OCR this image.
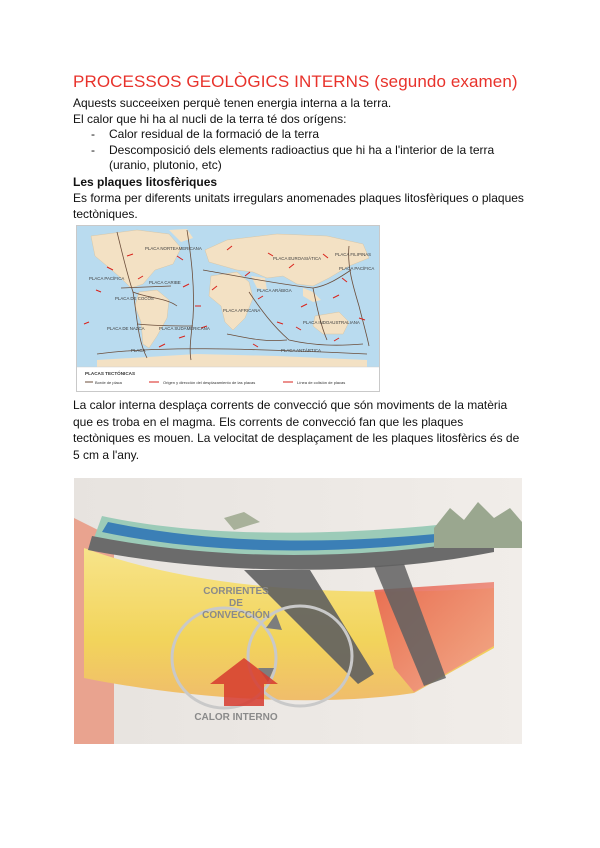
PROCESSOS GEOLÒGICS INTERNS (segundo examen)
Aquests succeeixen perquè tenen energia interna a la terra.
El calor que hi ha al nucli de la terra té dos orígens:
- Calor residual de la formació de la terra
- Descomposició dels elements radioactius que hi ha a l'interior de la terra
(uranio, plutonio, etc)
Les plaques litosfèriques
Es forma per diferents unitats irregulars anomenades plaques litosfèriques o plaques
tectòniques.
PLACA EUROASIÁTICA
PLACA NORTEAMERICANA
PLACA PACÍFICA
PLACA PACÍFICA
PLACA FILIPINAS
PLACA DE COCOS
PLACA CARIBE
PLACA DE NAZCA	PLACA SUDAMERICANA
PLACA AFRICANA
PLACA INDOAUSTRALIANA
PLACA	PLACA ANTÁRTICA
PLACA ARÁBIGA
PLACAS TECTÓNICAS
Borde de placa	Origen y dirección del desplazamiento de las placas	Línea de colisión de placas
La calor interna desplaça corrents de convecció que són moviments de la matèria
que es troba en el magma. Els corrents de convecció fan que les plaques
tectòniques es mouen. La velocitat de desplaçament de les plaques litosfèrics és de
5 cm a l'any.
CORRIENTES
DE
CONVECCIÓN
CALOR INTERNO
